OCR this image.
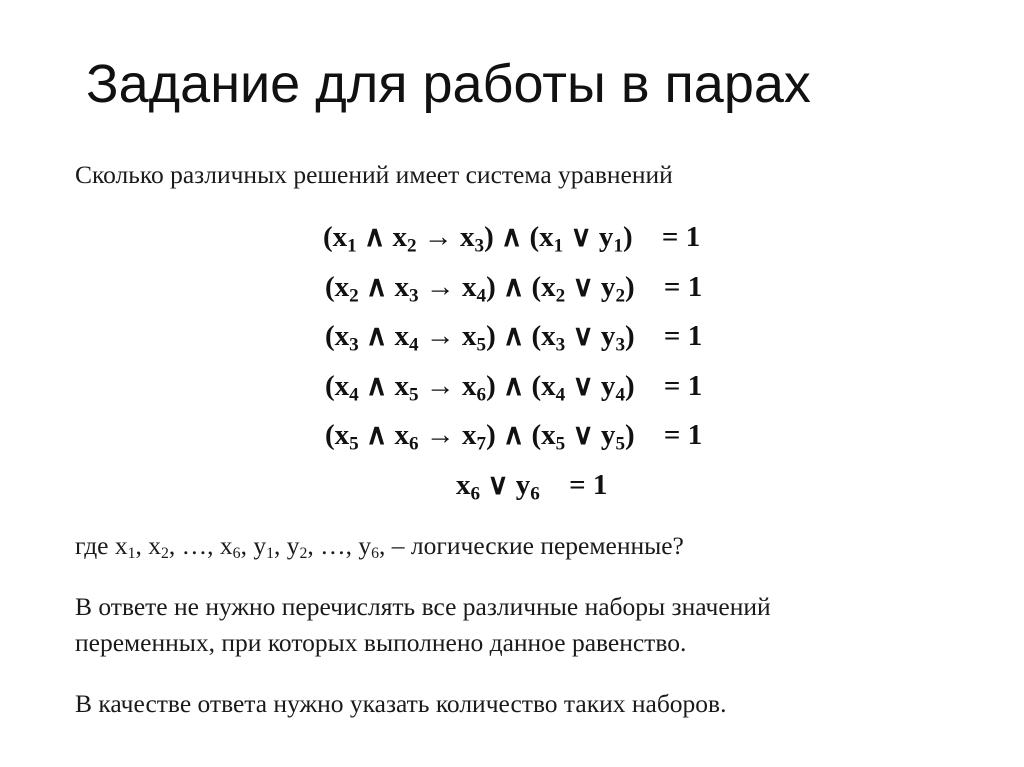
Задание для работы в парах
Сколько различных решений имеет система уравнений
($x_1$ ∧ $x_2 \to x_3$) ∧ ($x_1$ ∨ $y_1) = 1$
($x_2$ ∧ $x_3 \to x_4$) ∧ ($x_2$ ∨ $y_2) = 1$
($x_3$ ∧ $x_4 \to x_5$) ∧ ($x_3$ ∨ $y_3) = 1$
($x_4$ ∧ $x_5 \to x_6$) ∧ ($x_4$ ∨ $y_4) = 1$
($x_5$ ∧ $x_6 \to x_7$) ∧ ($x_5$ ∨ $y_5) = 1$
$x_6$ ∨ $y_6 = 1$
где $x_1$, $x_2$, …, $x_6$, $y_1$, $y_2$, …, $y_6$, – логические переменные?
В ответе не нужно перечислять все различные наборы значений
переменных, при которых выполнено данное равенство.
В качестве ответа нужно указать количество таких наборов.
